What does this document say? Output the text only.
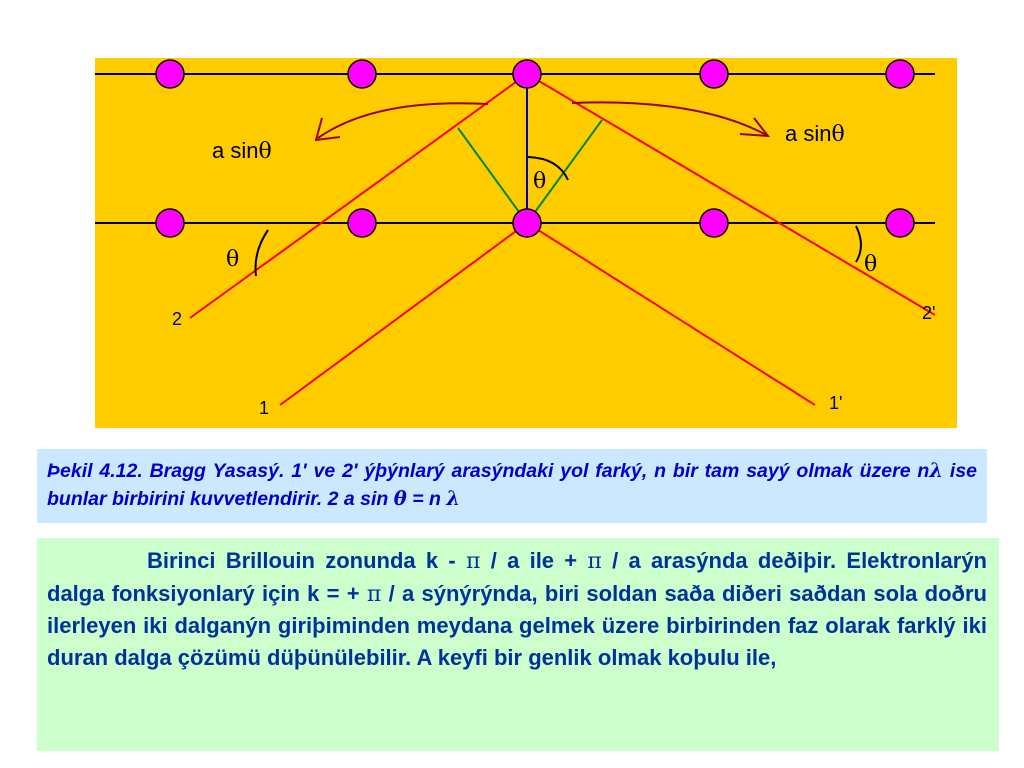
a sinθ
a sinθ
θ
θ	θ
2	2'
1	1'

Þekil 4.12. Bragg Yasasý. 1' ve 2' ýþýnlarý arasýndaki yol farký, n bir tam sayý olmak üzere nλ ise bunlar birbirini kuvvetlendirir. 2 a sin θ = n λ

Birinci Brillouin zonunda k - π / a ile + π / a arasýnda deðiþir. Elektronlarýn dalga fonksiyonlarý için k = + π / a sýnýrýnda, biri soldan saða diðeri saðdan sola doðru ilerleyen iki dalganýn giriþiminden meydana gelmek üzere birbirinden faz olarak farklý iki duran dalga çözümü düþünülebilir. A keyfi bir genlik olmak koþulu ile,
